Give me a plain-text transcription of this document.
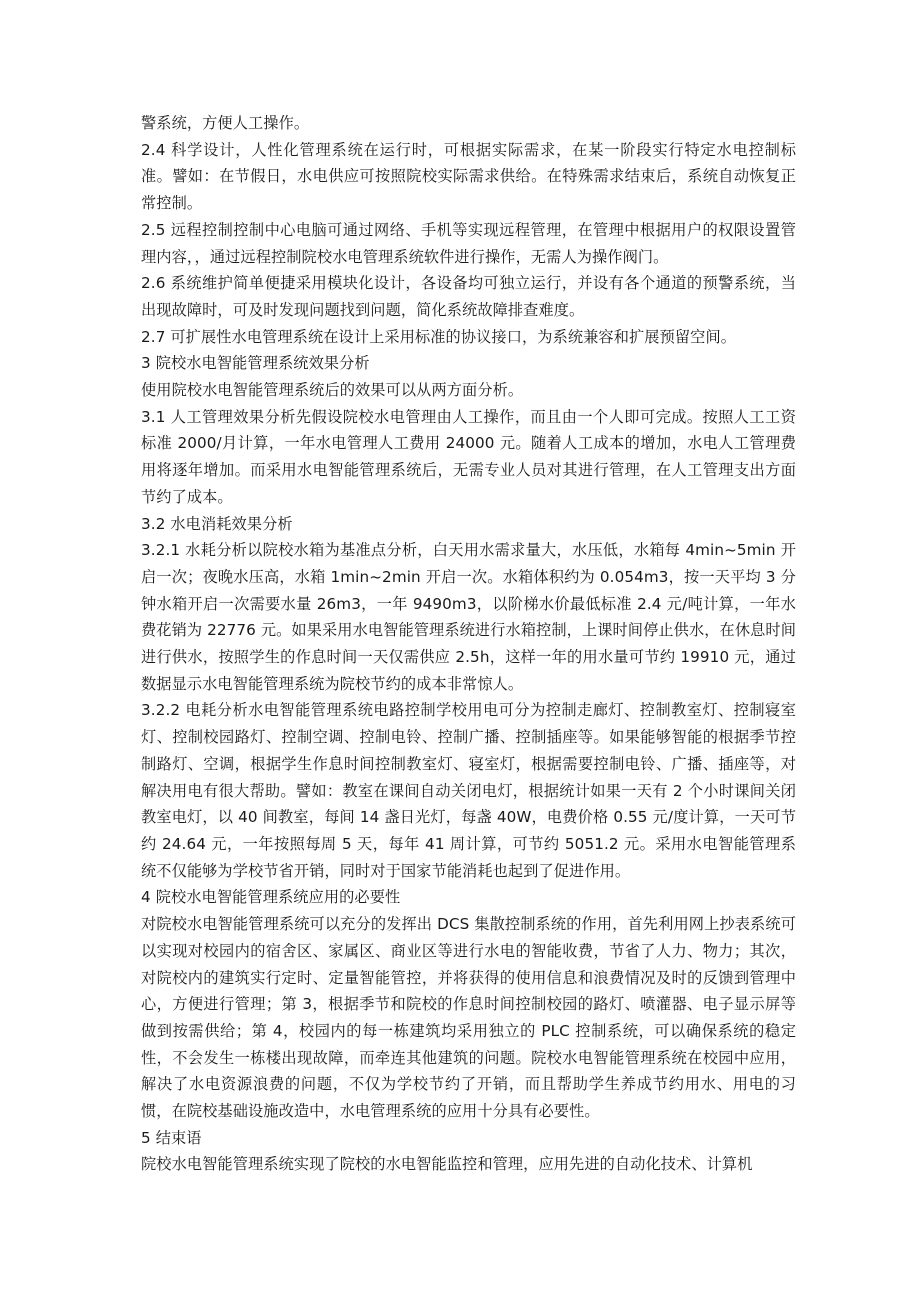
警系统，方便人工操作。

2.4 科学设计，人性化管理系统在运行时，可根据实际需求，在某一阶段实行特定水电控制标准。譬如：在节假日，水电供应可按照院校实际需求供给。在特殊需求结束后，系统自动恢复正常控制。

2.5 远程控制控制中心电脑可通过网络、手机等实现远程管理，在管理中根据用户的权限设置管理内容，，通过远程控制院校水电管理系统软件进行操作，无需人为操作阀门。

2.6 系统维护简单便捷采用模块化设计，各设备均可独立运行，并设有各个通道的预警系统，当出现故障时，可及时发现问题找到问题，简化系统故障排查难度。

2.7 可扩展性水电管理系统在设计上采用标准的协议接口，为系统兼容和扩展预留空间。

3 院校水电智能管理系统效果分析

使用院校水电智能管理系统后的效果可以从两方面分析。

3.1 人工管理效果分析先假设院校水电管理由人工操作，而且由一个人即可完成。按照人工工资标准 2000/月计算，一年水电管理人工费用 24000 元。随着人工成本的增加，水电人工管理费用将逐年增加。而采用水电智能管理系统后，无需专业人员对其进行管理，在人工管理支出方面节约了成本。

3.2 水电消耗效果分析

3.2.1 水耗分析以院校水箱为基准点分析，白天用水需求量大，水压低，水箱每 4min~5min 开启一次；夜晚水压高，水箱 1min~2min 开启一次。水箱体积约为 0.054m3，按一天平均 3 分钟水箱开启一次需要水量 26m3，一年 9490m3，以阶梯水价最低标准 2.4 元/吨计算，一年水费花销为 22776 元。如果采用水电智能管理系统进行水箱控制，上课时间停止供水，在休息时间进行供水，按照学生的作息时间一天仅需供应 2.5h，这样一年的用水量可节约 19910 元，通过数据显示水电智能管理系统为院校节约的成本非常惊人。

3.2.2 电耗分析水电智能管理系统电路控制学校用电可分为控制走廊灯、控制教室灯、控制寝室灯、控制校园路灯、控制空调、控制电铃、控制广播、控制插座等。如果能够智能的根据季节控制路灯、空调，根据学生作息时间控制教室灯、寝室灯，根据需要控制电铃、广播、插座等，对解决用电有很大帮助。譬如：教室在课间自动关闭电灯，根据统计如果一天有 2 个小时课间关闭教室电灯，以 40 间教室，每间 14 盏日光灯，每盏 40W，电费价格 0.55 元/度计算，一天可节约 24.64 元，一年按照每周 5 天，每年 41 周计算，可节约 5051.2 元。采用水电智能管理系统不仅能够为学校节省开销，同时对于国家节能消耗也起到了促进作用。

4 院校水电智能管理系统应用的必要性

对院校水电智能管理系统可以充分的发挥出 DCS 集散控制系统的作用，首先利用网上抄表系统可以实现对校园内的宿舍区、家属区、商业区等进行水电的智能收费，节省了人力、物力；其次，对院校内的建筑实行定时、定量智能管控，并将获得的使用信息和浪费情况及时的反馈到管理中心，方便进行管理；第 3，根据季节和院校的作息时间控制校园的路灯、喷灌器、电子显示屏等做到按需供给；第 4，校园内的每一栋建筑均采用独立的 PLC 控制系统，可以确保系统的稳定性，不会发生一栋楼出现故障，而牵连其他建筑的问题。院校水电智能管理系统在校园中应用，解决了水电资源浪费的问题，不仅为学校节约了开销，而且帮助学生养成节约用水、用电的习惯，在院校基础设施改造中，水电管理系统的应用十分具有必要性。

5 结束语

院校水电智能管理系统实现了院校的水电智能监控和管理，应用先进的自动化技术、计算机
